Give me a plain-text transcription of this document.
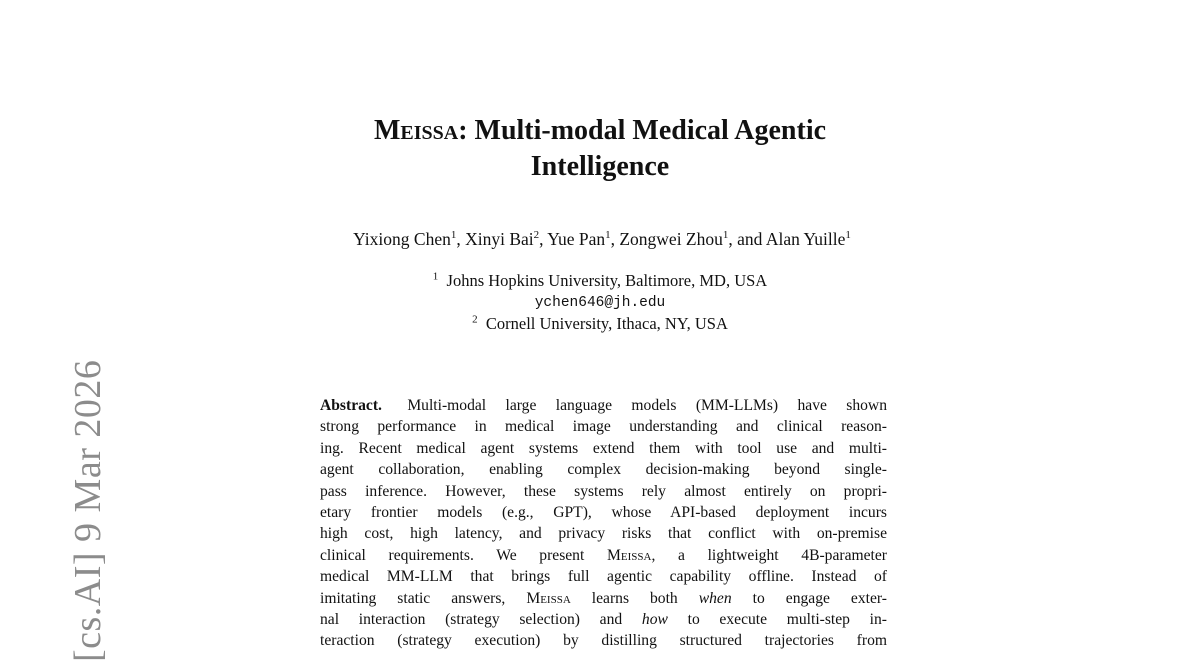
[cs.AI] 9 Mar 2026
Meissa: Multi-modal Medical Agentic
Intelligence
Yixiong Chen$^1$, Xinyi Bai$^2$, Yue Pan$^1$, Zongwei Zhou$^1$, and Alan Yuille$^1$
$^1$ Johns Hopkins University, Baltimore, MD, USA
ychen646@jh.edu
$^2$ Cornell University, Ithaca, NY, USA
Abstract. Multi-modal large language models (MM-LLMs) have shown
strong performance in medical image understanding and clinical reason-
ing. Recent medical agent systems extend them with tool use and multi-
agent collaboration, enabling complex decision-making beyond single-
pass inference. However, these systems rely almost entirely on propri-
etary frontier models (e.g., GPT), whose API-based deployment incurs
high cost, high latency, and privacy risks that conflict with on-premise
clinical requirements. We present Meissa, a lightweight 4B-parameter
medical MM-LLM that brings full agentic capability offline. Instead of
imitating static answers, Meissa learns both when to engage exter-
nal interaction (strategy selection) and how to execute multi-step in-
teraction (strategy execution) by distilling structured trajectories from
